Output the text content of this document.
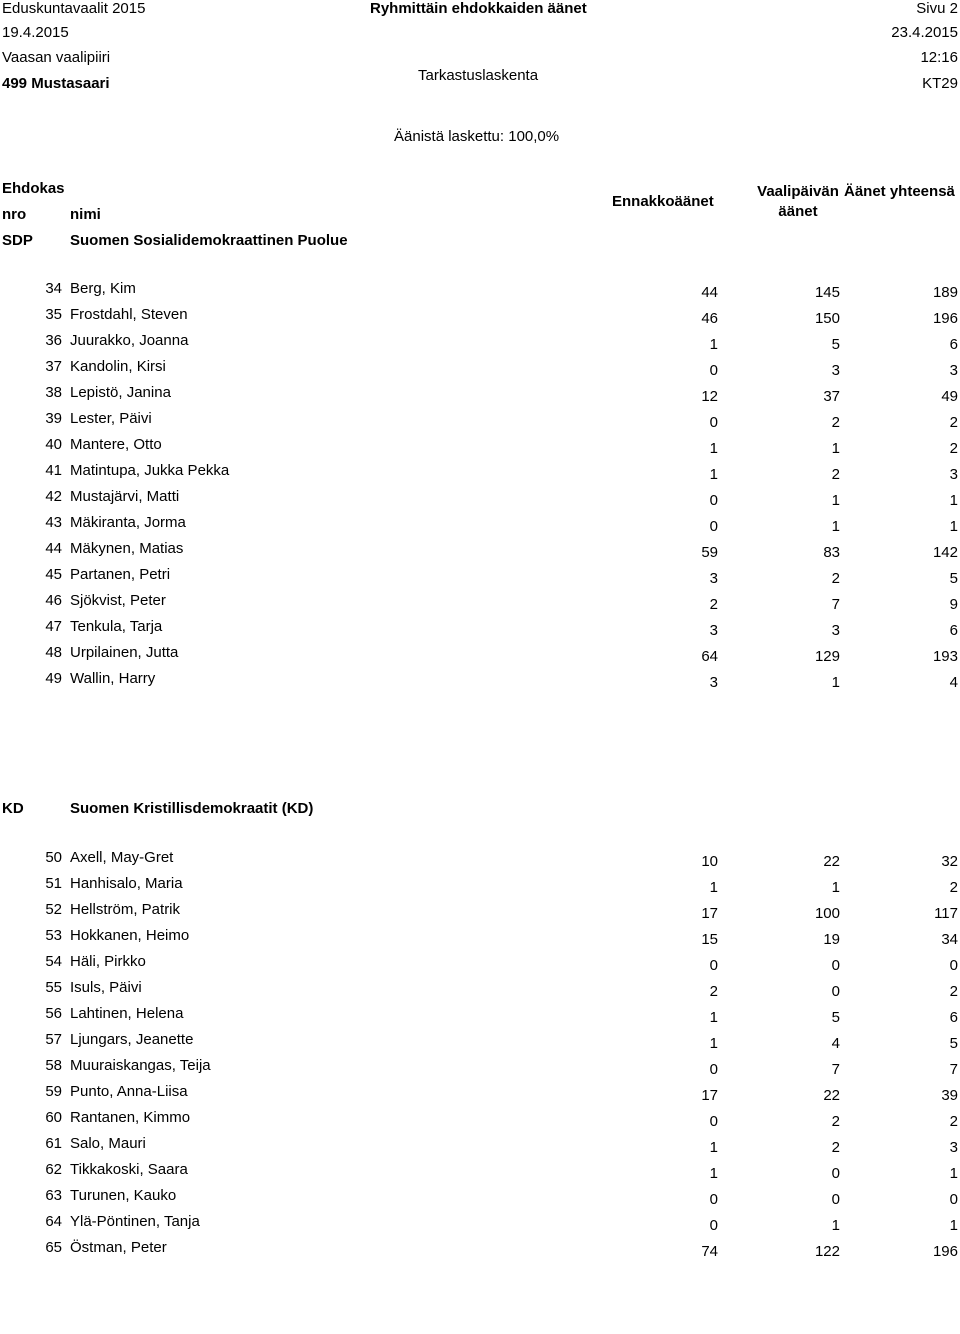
Eduskuntavaalit 2015	Ryhmittäin ehdokkaiden äänet	Sivu 2
19.4.2015	23.4.2015
Vaasan vaalipiiri	12:16
499 Mustasaari	Tarkastuslaskenta	KT29
Äänistä laskettu: 100,0%
Ehdokas
nro	nimi
Ennakkoäänet
Vaalipäivän
äänet
Äänet yhteensä
SDP Suomen Sosialidemokraattinen Puolue
34 Berg, Kim	44	145	189
35 Frostdahl, Steven	46	150	196
36 Juurakko, Joanna	1	5	6
37 Kandolin, Kirsi	0	3	3
38 Lepistö, Janina	12	37	49
39 Lester, Päivi	0	2	2
40 Mantere, Otto	1	1	2
41 Matintupa, Jukka Pekka	1	2	3
42 Mustajärvi, Matti	0	1	1
43 Mäkiranta, Jorma	0	1	1
44 Mäkynen, Matias	59	83	142
45 Partanen, Petri	3	2	5
46 Sjökvist, Peter	2	7	9
47 Tenkula, Tarja	3	3	6
48 Urpilainen, Jutta	64	129	193
49 Wallin, Harry	3	1	4
KD	Suomen Kristillisdemokraatit (KD)
50 Axell, May-Gret	10	22	32
51 Hanhisalo, Maria	1	1	2
52 Hellström, Patrik	17	100	117
53 Hokkanen, Heimo	15	19	34
54 Häli, Pirkko	0	0	0
55 Isuls, Päivi	2	0	2
56 Lahtinen, Helena	1	5	6
57 Ljungars, Jeanette	1	4	5
58 Muuraiskangas, Teija	0	7	7
59 Punto, Anna-Liisa	17	22	39
60 Rantanen, Kimmo	0	2	2
61 Salo, Mauri	1	2	3
62 Tikkakoski, Saara	1	0	1
63 Turunen, Kauko	0	0	0
64 Ylä-Pöntinen, Tanja	0	1	1
65 Östman, Peter	74	122	196
